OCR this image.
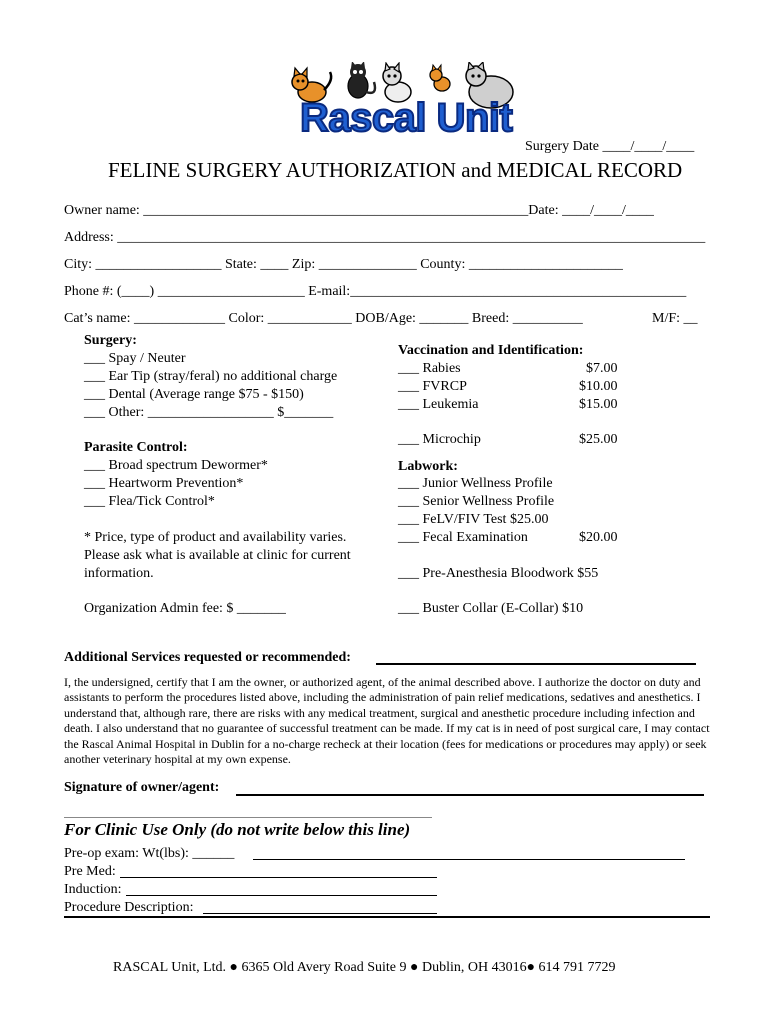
Rascal Unit
Surgery Date ____/____/____
FELINE SURGERY AUTHORIZATION and MEDICAL RECORD
Owner name: _______________________________________________________Date: ____/____/____
Address: ____________________________________________________________________________________
City: __________________ State: ____ Zip: ______________ County: ______________________
Phone #: (____) _____________________ E-mail:________________________________________________
Cat’s name: _____________ Color: ____________ DOB/Age: _______ Breed: __________	M/F: __
Surgery:
___ Spay / Neuter
___ Ear Tip (stray/feral) no additional charge
___ Dental (Average range $75 - $150)
___ Other: __________________ $_______
Parasite Control:
___ Broad spectrum Dewormer*
___ Heartworm Prevention*
___ Flea/Tick Control*
* Price, type of product and availability varies.
Please ask what is available at clinic for current
information.
Organization Admin fee: $ _______
Vaccination and Identification:
___ Rabies	$7.00
___ FVRCP	$10.00
___ Leukemia	$15.00
___ Microchip	$25.00
Labwork:
___ Junior Wellness Profile
___ Senior Wellness Profile
___ FeLV/FIV Test $25.00
___ Fecal Examination	$20.00
___ Pre-Anesthesia Bloodwork $55
___ Buster Collar (E-Collar) $10
Additional Services requested or recommended:
I, the undersigned, certify that I am the owner, or authorized agent, of the animal described above. I authorize the doctor on duty and assistants to perform the procedures listed above, including the administration of pain relief medications, sedatives and anesthetics. I understand that, although rare, there are risks with any medical treatment, surgical and anesthetic procedure including infection and death. I also understand that no guarantee of successful treatment can be made. If my cat is in need of post surgical care, I may contact the Rascal Animal Hospital in Dublin for a no-charge recheck at their location (fees for medications or procedures may apply) or seek another veterinary hospital at my own expense.
Signature of owner/agent:
For Clinic Use Only (do not write below this line)
Pre-op exam: Wt(lbs): ______
Pre Med:
Induction:
Procedure Description:
RASCAL Unit, Ltd. ● 6365 Old Avery Road Suite 9 ● Dublin, OH 43016● 614 791 7729
